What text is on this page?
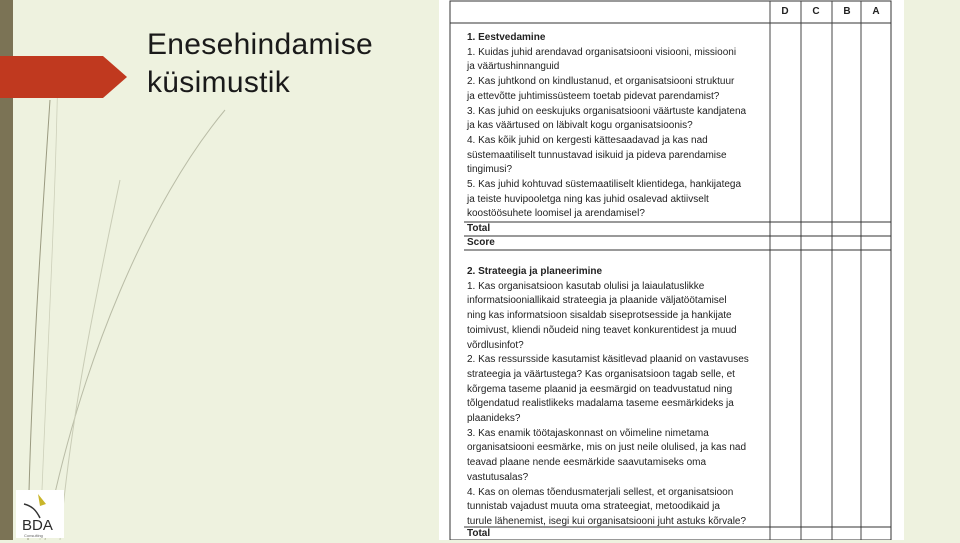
Enesehindamise
küsimustik
BDA
Consulting
D	C	B	A
1. Eestvedamine
1. Kuidas juhid arendavad organisatsiooni visiooni, missiooni
ja väärtushinnanguid
2. Kas juhtkond on kindlustanud, et organisatsiooni struktuur
ja ettevõtte juhtimissüsteem toetab pidevat parendamist?
3. Kas juhid on eeskujuks organisatsiooni väärtuste kandjatena
ja kas väärtused on läbivalt kogu organisatsioonis?
4. Kas kõik juhid on kergesti kättesaadavad ja kas nad
süstemaatiliselt tunnustavad isikuid ja pideva parendamise
tingimusi?
5. Kas juhid kohtuvad süstemaatiliselt klientidega, hankijatega
ja teiste huvipooletga ning kas juhid osalevad aktiivselt
koostöösuhete loomisel ja arendamisel?
Total
Score
2. Strateegia ja planeerimine
1. Kas organisatsioon kasutab olulisi ja laiaulatuslikke
informatsiooniallikaid strateegia ja plaanide väljatöötamisel
ning kas informatsioon sisaldab siseprotsesside ja hankijate
toimivust, kliendi nõudeid ning teavet konkurentidest ja muud
võrdlusinfot?
2. Kas ressursside kasutamist käsitlevad plaanid on vastavuses
strateegia ja väärtustega? Kas organisatsioon tagab selle, et
kõrgema taseme plaanid ja eesmärgid on teadvustatud ning
tõlgendatud realistlikeks madalama taseme eesmärkideks ja
plaanideks?
3. Kas enamik töötajaskonnast on võimeline nimetama
organisatsiooni eesmärke, mis on just neile olulised, ja kas nad
teavad plaane nende eesmärkide saavutamiseks oma
vastutusalas?
4. Kas on olemas tõendusmaterjali sellest, et organisatsioon
tunnistab vajadust muuta oma strateegiat, metoodikaid ja
turule lähenemist, isegi kui organisatsiooni juht astuks kõrvale?
Total
